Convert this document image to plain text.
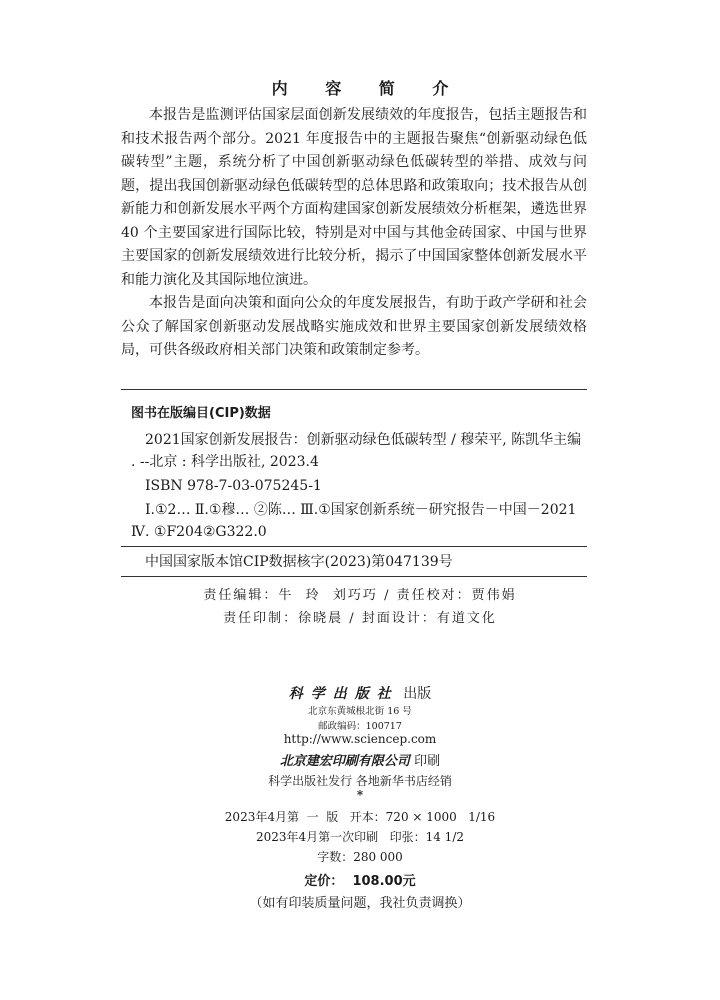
内 容 简 介

本报告是监测评估国家层面创新发展绩效的年度报告，包括主题报告和和技术报告两个部分。2021 年度报告中的主题报告聚焦“创新驱动绿色低碳转型”主题，系统分析了中国创新驱动绿色低碳转型的举措、成效与问题，提出我国创新驱动绿色低碳转型的总体思路和政策取向；技术报告从创新能力和创新发展水平两个方面构建国家创新发展绩效分析框架，遴选世界 40 个主要国家进行国际比较，特别是对中国与其他金砖国家、中国与世界主要国家的创新发展绩效进行比较分析，揭示了中国国家整体创新发展水平和能力演化及其国际地位演进。

本报告是面向决策和面向公众的年度发展报告，有助于政产学研和社会公众了解国家创新驱动发展战略实施成效和世界主要国家创新发展绩效格局，可供各级政府相关部门决策和政策制定参考。

图书在版编目(CIP)数据
2021国家创新发展报告：创新驱动绿色低碳转型 / 穆荣平, 陈凯华主编
. --北京 : 科学出版社, 2023.4
ISBN 978-7-03-075245-1
Ⅰ.①2… Ⅱ.①穆… ②陈… Ⅲ.①国家创新系统－研究报告－中国－2021
Ⅳ. ①F204②G322.0
中国国家版本馆CIP数据核字(2023)第047139号
责任编辑：牛  玲  刘巧巧 / 责任校对：贾伟娟
责任印制：徐晓晨 / 封面设计：有道文化
科学出版社 出版
北京东黄城根北街 16 号
邮政编码：100717
http://www.sciencep.com
北京建宏印刷有限公司 印刷
科学出版社发行 各地新华书店经销
*
2023年4月第  一  版   开本：720 × 1000   1/16
2023年4月第一次印刷   印张：14 1/2
字数：280 000
定价：  108.00元
（如有印装质量问题，我社负责调换）
